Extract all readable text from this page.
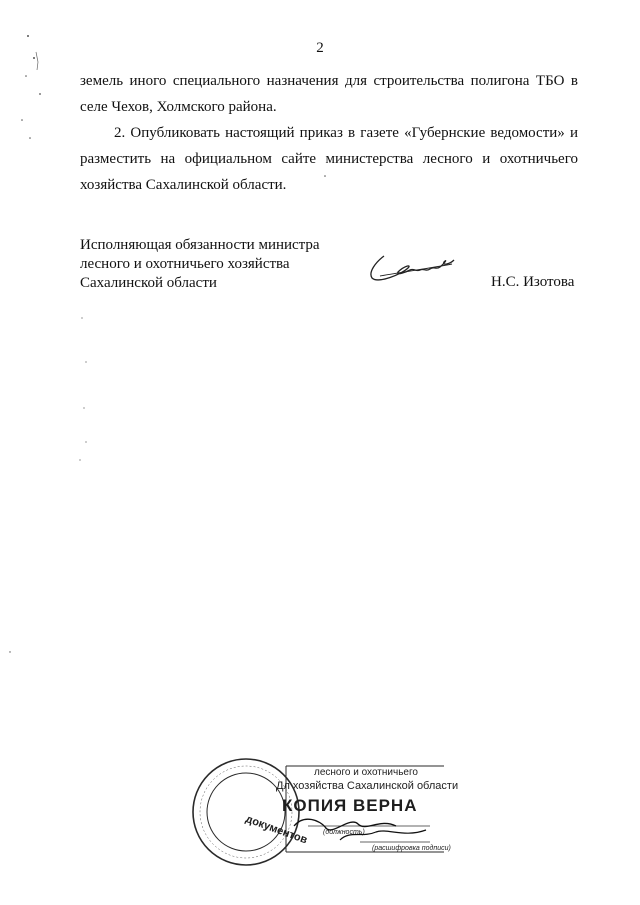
2

земель иного специального назначения для строительства полигона ТБО в селе Чехов, Холмского района.

2. Опубликовать настоящий приказ в газете «Губернские ведомости» и разместить на официальном сайте министерства лесного и охотничьего хозяйства Сахалинской области.

Исполняющая обязанности министра
лесного и охотничьего хозяйства
Сахалинской области	Н.С. Изотова
лесного и охотничьего
Дл хозяйства Сахалинской области
КОПИЯ ВЕРНА
документов (должность)
(расшифровка подписи)
